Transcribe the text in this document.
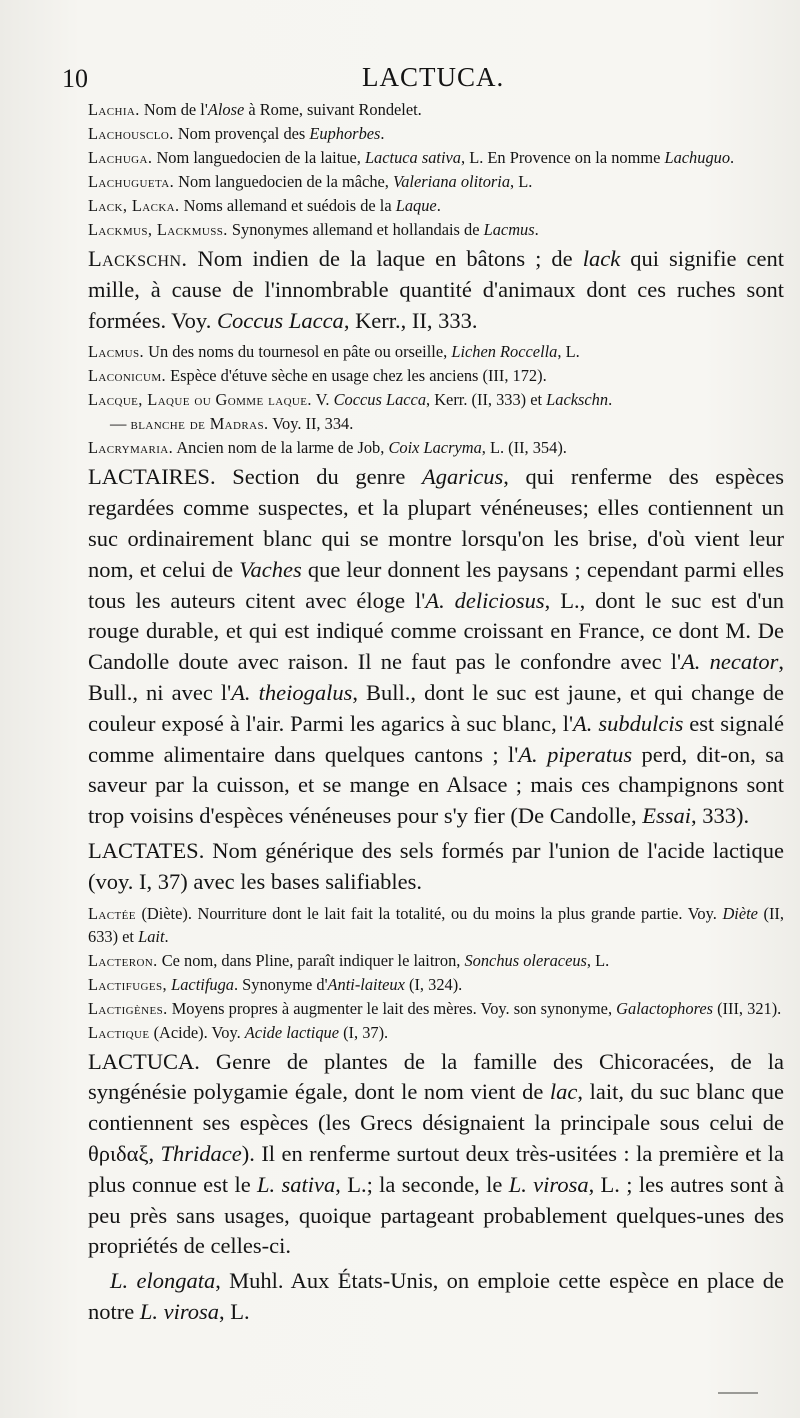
10	LACTUCA.

Lachia. Nom de l'Alose à Rome, suivant Rondelet.

Lachousclo. Nom provençal des Euphorbes.

Lachuga. Nom languedocien de la laitue, Lactuca sativa, L. En Provence on la nomme Lachuguo.

Lachugueta. Nom languedocien de la mâche, Valeriana olitoria, L.

Lack, Lacka. Noms allemand et suédois de la Laque.

Lackmus, Lackmuss. Synonymes allemand et hollandais de Lacmus.

Lackschn. Nom indien de la laque en bâtons ; de lack qui signifie cent mille, à cause de l'innombrable quantité d'animaux dont ces ruches sont formées. Voy. Coccus Lacca, Kerr., II, 333.

Lacmus. Un des noms du tournesol en pâte ou orseille, Lichen Roccella, L.

Laconicum. Espèce d'étuve sèche en usage chez les anciens (III, 172).

Lacque, Laque ou Gomme laque. V. Coccus Lacca, Kerr. (II, 333) et Lackschn.

— blanche de Madras. Voy. II, 334.

Lacrymaria. Ancien nom de la larme de Job, Coix Lacryma, L. (II, 354).

LACTAIRES. Section du genre Agaricus, qui renferme des espèces regardées comme suspectes, et la plupart vénéneuses; elles contiennent un suc ordinairement blanc qui se montre lorsqu'on les brise, d'où vient leur nom, et celui de Vaches que leur donnent les paysans ; cependant parmi elles tous les auteurs citent avec éloge l'A. deliciosus, L., dont le suc est d'un rouge durable, et qui est indiqué comme croissant en France, ce dont M. De Candolle doute avec raison. Il ne faut pas le confondre avec l'A. necator, Bull., ni avec l'A. theiogalus, Bull., dont le suc est jaune, et qui change de couleur exposé à l'air. Parmi les agarics à suc blanc, l'A. subdulcis est signalé comme alimentaire dans quelques cantons ; l'A. piperatus perd, dit-on, sa saveur par la cuisson, et se mange en Alsace ; mais ces champignons sont trop voisins d'espèces vénéneuses pour s'y fier (De Candolle, Essai, 333).

LACTATES. Nom générique des sels formés par l'union de l'acide lactique (voy. I, 37) avec les bases salifiables.

Lactée (Diète). Nourriture dont le lait fait la totalité, ou du moins la plus grande partie. Voy. Diète (II, 633) et Lait.

Lacteron. Ce nom, dans Pline, paraît indiquer le laitron, Sonchus oleraceus, L.

Lactifuges, Lactifuga. Synonyme d'Anti-laiteux (I, 324).

Lactigènes. Moyens propres à augmenter le lait des mères. Voy. son synonyme, Galactophores (III, 321).

Lactique (Acide). Voy. Acide lactique (I, 37).

LACTUCA. Genre de plantes de la famille des Chicoracées, de la syngénésie polygamie égale, dont le nom vient de lac, lait, du suc blanc que contiennent ses espèces (les Grecs désignaient la principale sous celui de θριδαξ, Thridace). Il en renferme surtout deux très-usitées : la première et la plus connue est le L. sativa, L.; la seconde, le L. virosa, L. ; les autres sont à peu près sans usages, quoique partageant probablement quelques-unes des propriétés de celles-ci.

L. elongata, Muhl. Aux États-Unis, on emploie cette espèce en place de notre L. virosa, L.
